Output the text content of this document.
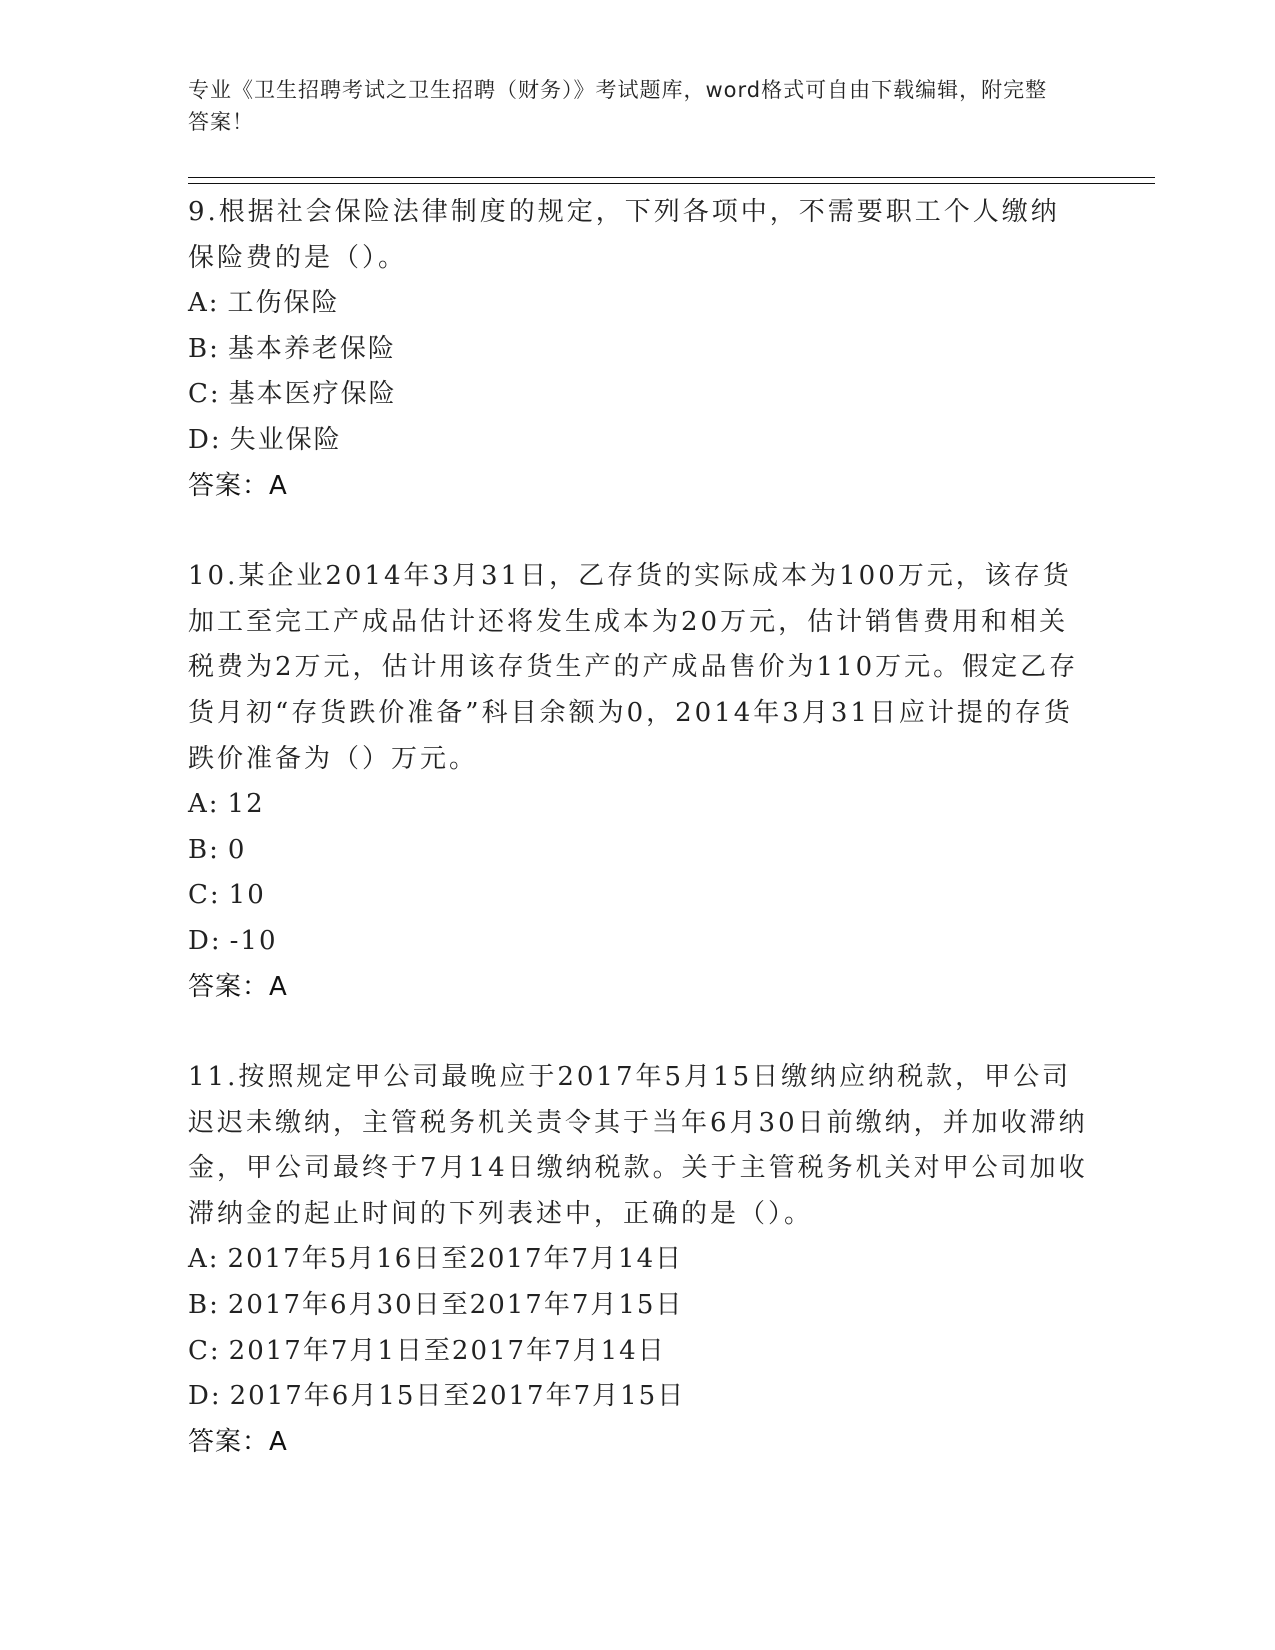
专业《卫生招聘考试之卫生招聘（财务）》考试题库，word格式可自由下载编辑，附完整答案！

9.根据社会保险法律制度的规定，下列各项中，不需要职工个人缴纳保险费的是（）。

A: 工伤保险

B: 基本养老保险

C: 基本医疗保险

D: 失业保险

答案：A

10.某企业2014年3月31日，乙存货的实际成本为100万元，该存货加工至完工产成品估计还将发生成本为20万元，估计销售费用和相关税费为2万元，估计用该存货生产的产成品售价为110万元。假定乙存货月初“存货跌价准备”科目余额为0，2014年3月31日应计提的存货跌价准备为（）万元。

A: 12

B: 0

C: 10

D: -10

答案：A

11.按照规定甲公司最晚应于2017年5月15日缴纳应纳税款，甲公司迟迟未缴纳，主管税务机关责令其于当年6月30日前缴纳，并加收滞纳金，甲公司最终于7月14日缴纳税款。关于主管税务机关对甲公司加收滞纳金的起止时间的下列表述中，正确的是（）。

A: 2017年5月16日至2017年7月14日

B: 2017年6月30日至2017年7月15日

C: 2017年7月1日至2017年7月14日

D: 2017年6月15日至2017年7月15日

答案：A
